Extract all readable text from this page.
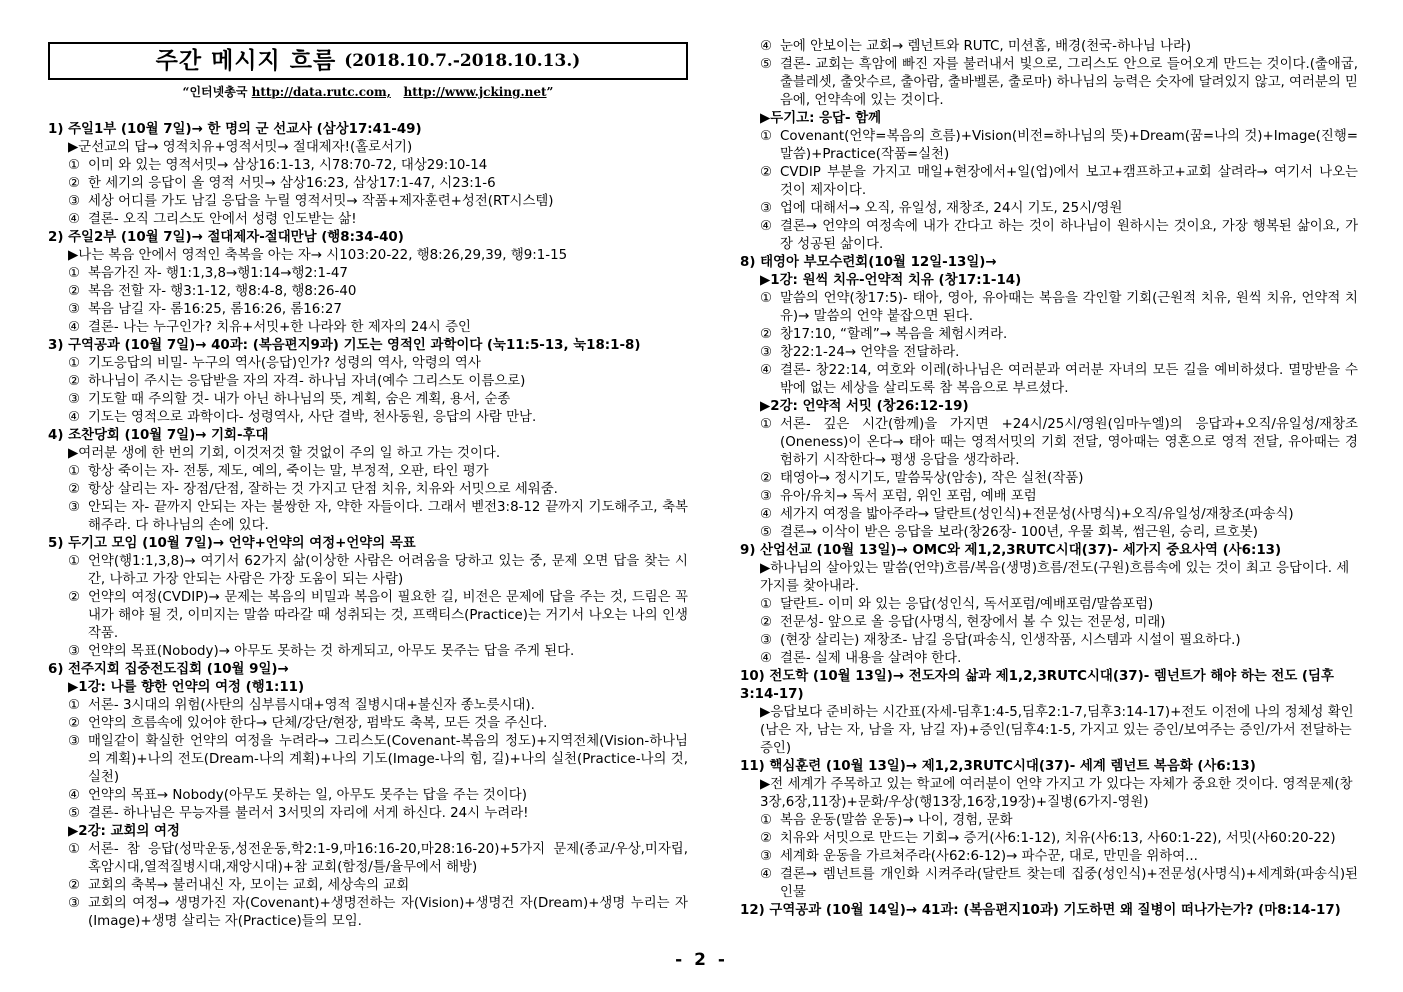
주간 메시지 흐름 (2018.10.7.-2018.10.13.)
“인터넷총국 http://data.rutc.com, http://www.jcking.net”
1) 주일1부 (10월 7일)→ 한 명의 군 선교사 (삼상17:41-49)
▶군선교의 답→ 영적치유+영적서밋→ 절대제자!(홀로서기)
① 이미 와 있는 영적서밋→ 삼상16:1-13, 시78:70-72, 대상29:10-14
② 한 세기의 응답이 올 영적 서밋→ 삼상16:23, 삼상17:1-47, 시23:1-6
③ 세상 어디를 가도 남길 응답을 누릴 영적서밋→ 작품+제자훈련+성전(RT시스템)
④ 결론- 오직 그리스도 안에서 성령 인도받는 삶!
2) 주일2부 (10월 7일)→ 절대제자-절대만남 (행8:34-40)
▶나는 복음 안에서 영적인 축복을 아는 자→ 시103:20-22, 행8:26,29,39, 행9:1-15
① 복음가진 자- 행1:1,3,8→행1:14→행2:1-47
② 복음 전할 자- 행3:1-12, 행8:4-8, 행8:26-40
③ 복음 남길 자- 롬16:25, 롬16:26, 롬16:27
④ 결론- 나는 누구인가? 치유+서밋+한 나라와 한 제자의 24시 증인
3) 구역공과 (10월 7일)→ 40과: (복음편지9과) 기도는 영적인 과학이다 (눅11:5-13, 눅18:1-8)
① 기도응답의 비밀- 누구의 역사(응답)인가? 성령의 역사, 악령의 역사
② 하나님이 주시는 응답받을 자의 자격- 하나님 자녀(예수 그리스도 이름으로)
③ 기도할 때 주의할 것- 내가 아닌 하나님의 뜻, 계획, 숨은 계획, 용서, 순종
④ 기도는 영적으로 과학이다- 성령역사, 사단 결박, 천사동원, 응답의 사람 만남.
4) 조찬당회 (10월 7일)→ 기회-후대
▶여러분 생에 한 번의 기회, 이것저것 할 것없이 주의 일 하고 가는 것이다.
① 항상 죽이는 자- 전통, 제도, 예의, 죽이는 말, 부정적, 오판, 타인 평가
② 항상 살리는 자- 장점/단점, 잘하는 것 가지고 단점 치유, 치유와 서밋으로 세워줌.
③ 안되는 자- 끝까지 안되는 자는 불쌍한 자, 약한 자들이다. 그래서 벧전3:8-12 끝까지 기도해주고, 축복해주라. 다 하나님의 손에 있다.
5) 두기고 모임 (10월 7일)→ 언약+언약의 여정+언약의 목표
① 언약(행1:1,3,8)→ 여기서 62가지 삶(이상한 사람은 어려움을 당하고 있는 중, 문제 오면 답을 찾는 시간, 나하고 가장 안되는 사람은 가장 도움이 되는 사람)
② 언약의 여정(CVDIP)→ 문제는 복음의 비밀과 복음이 필요한 길, 비전은 문제에 답을 주는 것, 드림은 꼭 내가 해야 될 것, 이미지는 말씀 따라갈 때 성취되는 것, 프랙티스(Practice)는 거기서 나오는 나의 인생 작품.
③ 언약의 목표(Nobody)→ 아무도 못하는 것 하게되고, 아무도 못주는 답을 주게 된다.
6) 전주지회 집중전도집회 (10월 9일)→
▶1강: 나를 향한 언약의 여정 (행1:11)
① 서론- 3시대의 위험(사탄의 심부름시대+영적 질병시대+불신자 종노릇시대).
② 언약의 흐름속에 있어야 한다→ 단체/강단/현장, 펌박도 축복, 모든 것을 주신다.
③ 매일같이 확실한 언약의 여정을 누려라→ 그리스도(Covenant-복음의 정도)+지역전체(Vision-하나님의 계획)+나의 전도(Dream-나의 계획)+나의 기도(Image-나의 힘, 길)+나의 실천(Practice-나의 것,실천)
④ 언약의 목표→ Nobody(아무도 못하는 일, 아무도 못주는 답을 주는 것이다)
⑤ 결론- 하나님은 무능자를 불러서 3서밋의 자리에 서게 하신다. 24시 누려라!
▶2강: 교회의 여정
① 서론- 참 응답(성막운동,성전운동,학2:1-9,마16:16-20,마28:16-20)+5가지 문제(종교/우상,미자립,혹암시대,열적질병시대,재앙시대)+참 교회(함정/틀/율무에서 해방)
② 교회의 축복→ 불러내신 자, 모이는 교회, 세상속의 교회
③ 교회의 여정→ 생명가진 자(Covenant)+생명전하는 자(Vision)+생명건 자(Dream)+생명 누리는 자(Image)+생명 살리는 자(Practice)들의 모임.
④ 눈에 안보이는 교회→ 렘넌트와 RUTC, 미션홈, 배경(천국-하나님 나라)
⑤ 결론- 교회는 흑암에 빠진 자를 불러내서 빛으로, 그리스도 안으로 들어오게 만드는 것이다.(출애굽, 출블레셋, 출앗수르, 출아람, 출바벨론, 출로마) 하나님의 능력은 숫자에 달려있지 않고, 여러분의 믿음에, 언약속에 있는 것이다.
▶두기고: 응답- 함께
① Covenant(언약=복음의 흐름)+Vision(비전=하나님의 뜻)+Dream(꿈=나의 것)+Image(진행=말씀)+Practice(작품=실천)
② CVDIP 부분을 가지고 매일+현장에서+일(업)에서 보고+캠프하고+교회 살려라→ 여기서 나오는 것이 제자이다.
③ 업에 대해서→ 오직, 유일성, 재창조, 24시 기도, 25시/영원
④ 결론→ 언약의 여정속에 내가 간다고 하는 것이 하나님이 원하시는 것이요, 가장 행복된 삶이요, 가장 성공된 삶이다.
8) 태영아 부모수련회(10월 12일-13일)→
▶1강: 원씩 치유-언약적 치유 (창17:1-14)
① 말씀의 언약(창17:5)- 태아, 영아, 유아때는 복음을 각인할 기회(근원적 치유, 원씩 치유, 언약적 치유)→ 말씀의 언약 붙잡으면 된다.
② 창17:10, “할례”→ 복음을 체험시켜라.
③ 창22:1-24→ 언약을 전달하라.
④ 결론- 창22:14, 여호와 이레(하나님은 여러분과 여러분 자녀의 모든 길을 예비하셨다. 멸망받을 수밖에 없는 세상을 살리도록 참 복음으로 부르셨다.
▶2강: 언약적 서밋 (창26:12-19)
① 서론- 깊은 시간(함께)을 가지면 +24시/25시/영원(임마누엘)의 응답과+오직/유일성/재창조(Oneness)이 온다→ 태아 때는 영적서밋의 기회 전달, 영아때는 영혼으로 영적 전달, 유아때는 경험하기 시작한다→ 평생 응답을 생각하라.
② 태영아→ 정시기도, 말씀묵상(암송), 작은 실천(작품)
③ 유아/유치→ 독서 포럼, 위인 포럼, 예배 포럼
④ 세가지 여정을 밟아주라→ 달란트(성인식)+전문성(사명식)+오직/유일성/재창조(파송식)
⑤ 결론→ 이삭이 받은 응답을 보라(창26장- 100년, 우물 회복, 썸근원, 승리, 르호봇)
9) 산업선교 (10월 13일)→ OMC와 제1,2,3RUTC시대(37)- 세가지 중요사역 (사6:13)
▶하나님의 살아있는 말씀(언약)흐름/복음(생명)흐름/전도(구원)흐름속에 있는 것이 최고 응답이다. 세가지를 찾아내라.
① 달란트- 이미 와 있는 응답(성인식, 독서포럼/예배포럼/말씀포럼)
② 전문성- 앞으로 올 응답(사명식, 현장에서 볼 수 있는 전문성, 미래)
③ (현장 살리는) 재창조- 남길 응답(파송식, 인생작품, 시스템과 시설이 필요하다.)
④ 결론- 실제 내용을 살려야 한다.
10) 전도학 (10월 13일)→ 전도자의 삶과 제1,2,3RUTC시대(37)- 렘넌트가 해야 하는 전도 (딤후3:14-17)
▶응답보다 준비하는 시간표(자세-딤후1:4-5,딤후2:1-7,딤후3:14-17)+전도 이전에 나의 정체성 확인(남은 자, 남는 자, 남을 자, 남길 자)+증인(딤후4:1-5, 가지고 있는 증인/보여주는 증인/가서 전달하는 증인)
11) 핵심훈련 (10월 13일)→ 제1,2,3RUTC시대(37)- 세계 렘넌트 복음화 (사6:13)
▶전 세계가 주목하고 있는 학교에 여러분이 언약 가지고 가 있다는 자체가 중요한 것이다. 영적문제(창3장,6장,11장)+문화/우상(행13장,16장,19장)+질병(6가지-영원)
① 복음 운동(말씀 운동)→ 나이, 경험, 문화
② 치유와 서밋으로 만드는 기회→ 증거(사6:1-12), 치유(사6:13, 사60:1-22), 서밋(사60:20-22)
③ 세계화 운동을 가르쳐주라(사62:6-12)→ 파수꾼, 대로, 만민을 위하여...
④ 결론→ 렘넌트를 개인화 시켜주라(달란트 찾는데 집중(성인식)+전문성(사명식)+세계화(파송식)된 인물
12) 구역공과 (10월 14일)→ 41과: (복음편지10과) 기도하면 왜 질병이 떠나가는가? (마8:14-17)
- 2 -
